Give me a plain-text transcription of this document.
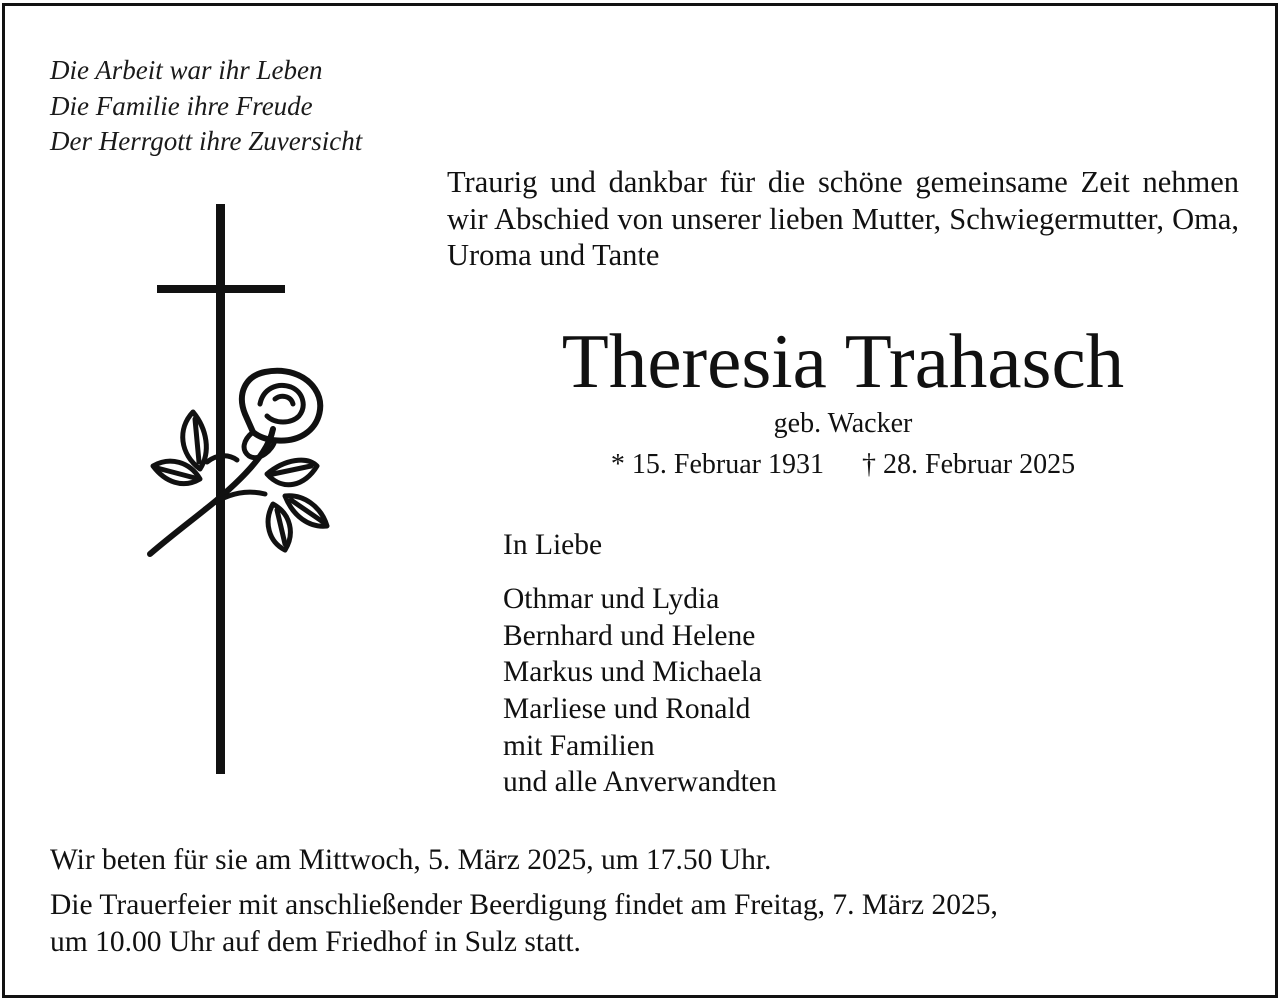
Die Arbeit war ihr Leben
Die Familie ihre Freude
Der Herrgott ihre Zuversicht
Traurig und dankbar für die schöne gemeinsame Zeit nehmen wir Abschied von unserer lieben Mutter, Schwiegermutter, Oma, Uroma und Tante
Theresia Trahasch
geb. Wacker
* 15. Februar 1931 † 28. Februar 2025
In Liebe
Othmar und Lydia
Bernhard und Helene
Markus und Michaela
Marliese und Ronald
mit Familien
und alle Anverwandten
Wir beten für sie am Mittwoch, 5. März 2025, um 17.50 Uhr.
Die Trauerfeier mit anschließender Beerdigung findet am Freitag, 7. März 2025,
um 10.00 Uhr auf dem Friedhof in Sulz statt.
